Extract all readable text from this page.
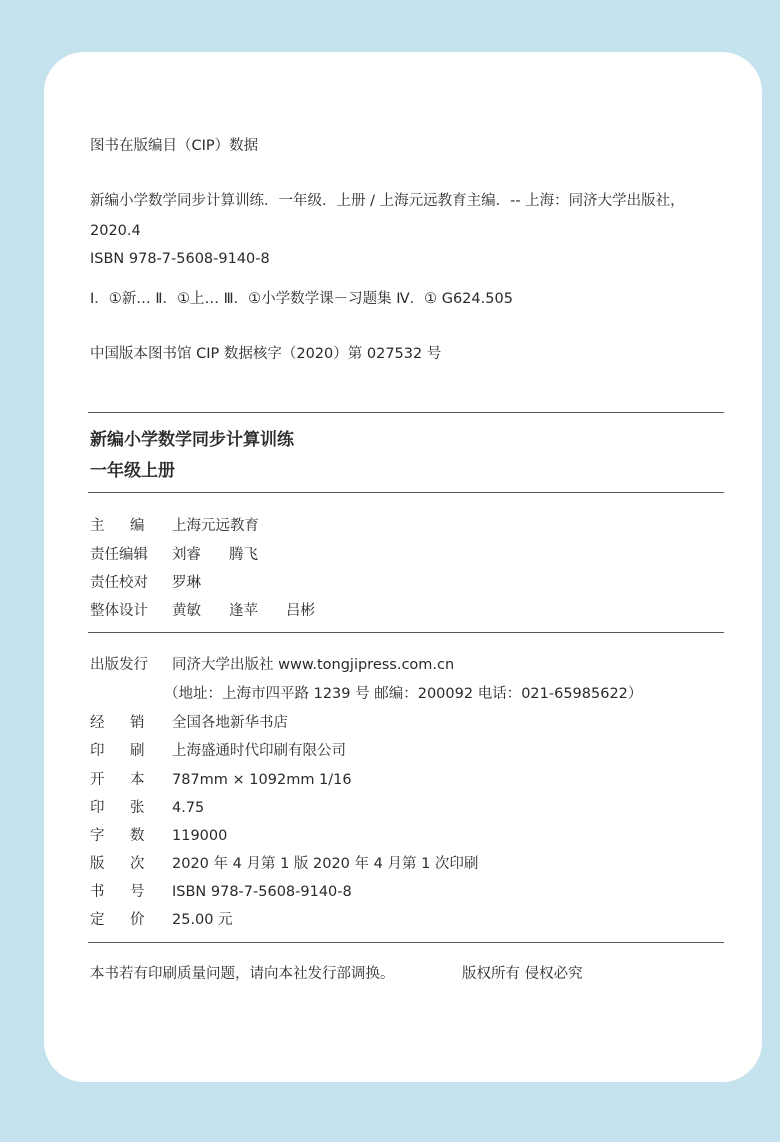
图书在版编目（CIP）数据
新编小学数学同步计算训练．一年级．上册 / 上海元远教育主编．-- 上海：同济大学出版社，
2020.4
ISBN 978-7-5608-9140-8
Ⅰ．①新… Ⅱ．①上… Ⅲ．①小学数学课－习题集 Ⅳ．① G624.505
中国版本图书馆 CIP 数据核字（2020）第 027532 号
新编小学数学同步计算训练
一年级上册
主 编 上海元远教育
责任编辑 刘睿 腾飞
责任校对 罗琳
整体设计 黄敏 逢苹 吕彬
出版发行 同济大学出版社 www.tongjipress.com.cn
（地址：上海市四平路 1239 号 邮编：200092 电话：021-65985622）
经 销 全国各地新华书店
印 刷 上海盛通时代印刷有限公司
开 本 787mm × 1092mm 1/16
印 张 4.75
字 数 119000
版 次 2020 年 4 月第 1 版 2020 年 4 月第 1 次印刷
书 号 ISBN 978-7-5608-9140-8
定 价 25.00 元
本书若有印刷质量问题，请向本社发行部调换。	版权所有 侵权必究
